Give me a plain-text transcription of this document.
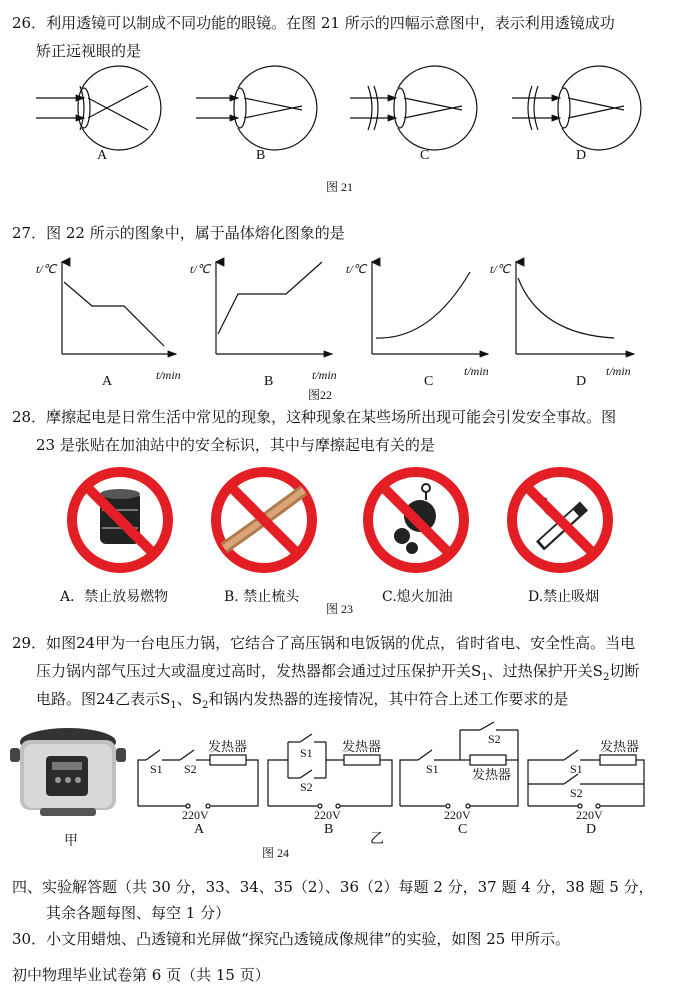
26．利用透镜可以制成不同功能的眼镜。在图 21 所示的四幅示意图中，表示利用透镜成功
矫正远视眼的是
A	B	C	D
图 21
27．图 22 所示的图象中，属于晶体熔化图象的是
t/℃	t/℃	t/℃	t/℃
t/min	t/min	t/min	t/min
A	B	C	D
图22
28．摩擦起电是日常生活中常见的现象，这种现象在某些场所出现可能会引发安全事故。图
23 是张贴在加油站中的安全标识，其中与摩擦起电有关的是
A．禁止放易燃物	B. 禁止梳头
图 23
C.熄火加油	D.禁止吸烟
29．如图24甲为一台电压力锅，它结合了高压锅和电饭锅的优点，省时省电、安全性高。当电
压力锅内部气压过大或温度过高时，发热器都会通过过压保护开关$S_1$、过热保护开关$S_2$切断
电路。图24乙表示$S_1$、$S_2$和锅内发热器的连接情况，其中符合上述工作要求的是
发热器
S1 S2
220V
A
发热器
S1
S2
220V
B
S2
发热器
S1
220V
C
发热器
S1
S2
220V
D
甲	乙
图 24
四、实验解答题（共 30 分，33、34、35（2）、36（2）每题 2 分，37 题 4 分，38 题 5 分，
其余各题每图、每空 1 分）
30．小文用蜡烛、凸透镜和光屏做“探究凸透镜成像规律”的实验，如图 25 甲所示。
初中物理毕业试卷第 6 页（共 15 页）
